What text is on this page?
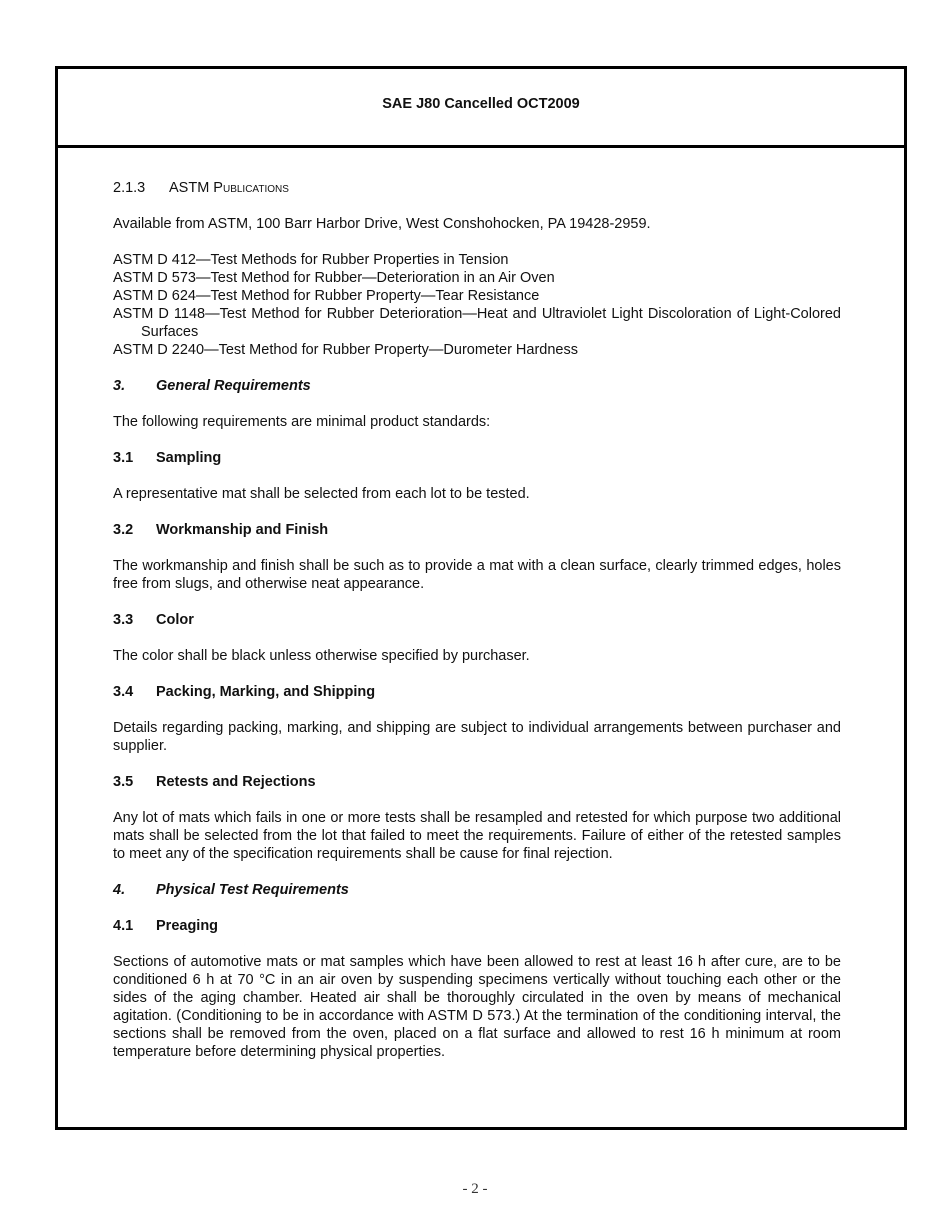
SAE J80 Cancelled OCT2009

2.1.3 ASTM Publications

Available from ASTM, 100 Barr Harbor Drive, West Conshohocken, PA 19428-2959.

ASTM D 412—Test Methods for Rubber Properties in Tension

ASTM D 573—Test Method for Rubber—Deterioration in an Air Oven

ASTM D 624—Test Method for Rubber Property—Tear Resistance

ASTM D 1148—Test Method for Rubber Deterioration—Heat and Ultraviolet Light Discoloration of Light-Colored Surfaces

ASTM D 2240—Test Method for Rubber Property—Durometer Hardness

3. General Requirements

The following requirements are minimal product standards:

3.1 Sampling

A representative mat shall be selected from each lot to be tested.

3.2 Workmanship and Finish

The workmanship and finish shall be such as to provide a mat with a clean surface, clearly trimmed edges, holes free from slugs, and otherwise neat appearance.

3.3 Color

The color shall be black unless otherwise specified by purchaser.

3.4 Packing, Marking, and Shipping

Details regarding packing, marking, and shipping are subject to individual arrangements between purchaser and supplier.

3.5 Retests and Rejections

Any lot of mats which fails in one or more tests shall be resampled and retested for which purpose two additional mats shall be selected from the lot that failed to meet the requirements. Failure of either of the retested samples to meet any of the specification requirements shall be cause for final rejection.

4. Physical Test Requirements

4.1 Preaging

Sections of automotive mats or mat samples which have been allowed to rest at least 16 h after cure, are to be conditioned 6 h at 70 °C in an air oven by suspending specimens vertically without touching each other or the sides of the aging chamber. Heated air shall be thoroughly circulated in the oven by means of mechanical agitation. (Conditioning to be in accordance with ASTM D 573.) At the termination of the conditioning interval, the sections shall be removed from the oven, placed on a flat surface and allowed to rest 16 h minimum at room temperature before determining physical properties.

- 2 -
